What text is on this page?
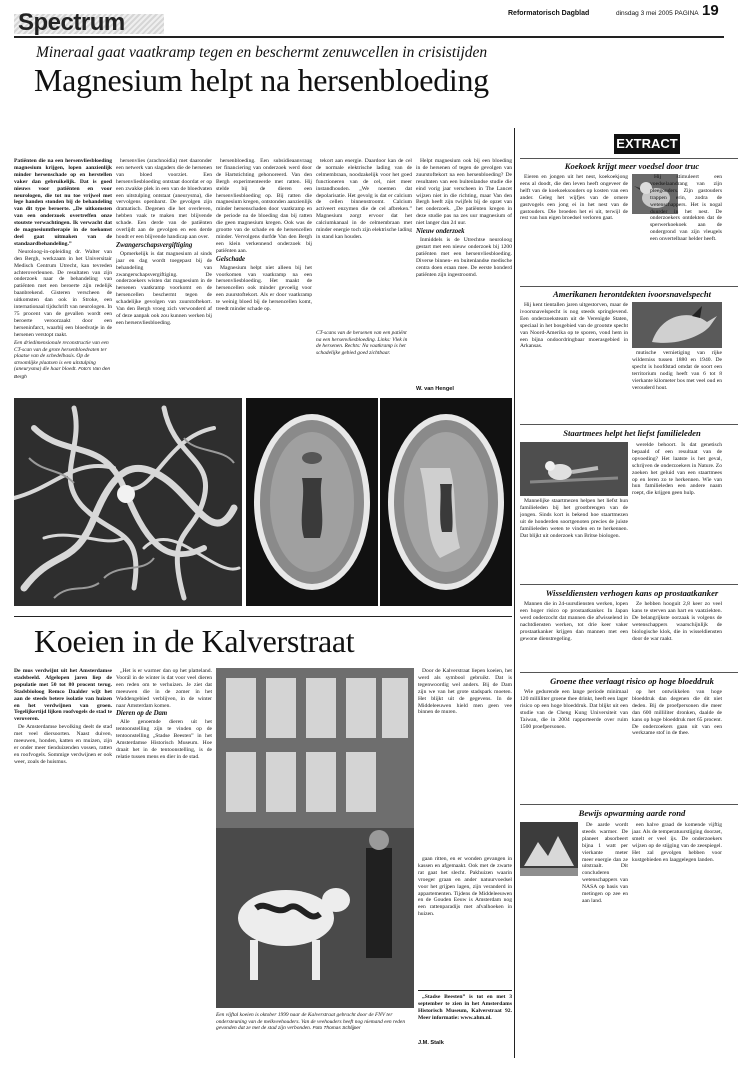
Spectrum	Reformatorisch Dagblad	dinsdag 3 mei 2005 PAGINA 19
Mineraal gaat vaatkramp tegen en beschermt zenuwcellen in crisistijden
Magnesium helpt na hersenbloeding

Patiënten die na een hersenvliesbloeding magnesium krijgen, lopen aanzienlijk minder hersenschade op en herstellen vaker dan gebruikelijk. Dat is goed nieuws voor patiënten en voor neurologen, die tot nu toe vrijwel met lege handen stonden bij de behandeling van dit type beroerte. „De uitkomsten van een onderzoek overtreffen onze stoutste verwachtingen. Ik verwacht dat de magnesiumtherapie in de toekomst deel gaat uitmaken van de standaardbehandeling.”

Neuroloog-in-opleiding dr. Walter van den Bergh, werkzaam in het Universitair Medisch Centrum Utrecht, kan tevreden achteroverleunen. De resultaten van zijn onderzoek naar de behandeling van patiënten met een beroerte zijn redelijk baanbrekend. Gisteren verscheen de uitkomsten dan ook in Stroke, een internationaal tijdschrift van neurologen. In 75 procent van de gevallen wordt een beroerte veroorzaakt door een herseninfarct, waarbij een bloedvatje in de hersenen verstopt raakt.

Een driedimensionale reconstructie van een CT-scan van de grote hersenbloedvaten ter plaatse van de schedelbasis. Op de stroomlijke plaatsen is een uitstulping (aneurysma) die haar bloedt. Foto's Van den Bergh

hersenvlies (arachnoidia) met daaronder een netwerk van slagaders die de hersenen van bloed voorziet. Een hersenvliesbloeding ontstaat doordat er op een zwakke plek in een van de bloedvaten een uitstulping ontstaat (aneurysma), die vervolgens openbarst. De gevolgen zijn dramatisch. Degenen die het overleven, hebben vaak te maken met blijvende schade. Een derde van de patiënten overlijdt aan de gevolgen en een derde houdt er een blijvende handicap aan over.

Zwangerschapsvergiftiging

Opmerkelijk is dat magnesium al sinds jaar en dag wordt toegepast bij de behandeling van zwangerschapsvergiftiging. De onderzoekers wisten dat magnesium in de hersenen vaatkramp voorkomt en de hersencellen beschermt tegen de schadelijke gevolgen van zuurstoftekort. Van den Bergh vroeg zich verwonderd af of deze aanpak ook zou kunnen werken bij een hersenvliesbloeding.

hersenbloeding. Een subsidieaanvraag ter financiering van onderzoek werd door de Hartstichting gehonoreerd. Van den Bergh experimenteerde met ratten. Hij stelde bij de dieren een hersenvliesbloeding op. Bij ratten die magnesium kregen, ontstonden aanzienlijk minder hersenschaden door vaatkramp en de periode na de bloeding dan bij ratten die geen magnesium kregen. Ook was de grootte van de schade en de hersencellen minder. Vervolgens durfde Van den Bergh een klein verkennend onderzoek bij patiënten aan.

Gelschade

Magnesium helpt niet alleen bij het voorkomen van vaatkramp na een hersenvliesbloeding. Het maakt de hersencellen ook minder gevoelig voor een zuurstoftekort. Als er door vaatkramp te weinig bloed bij de hersencellen komt, treedt minder schade op.

tekort aan energie. Daardoor kan de cel de normale elektrische lading van de celmembraan, noodzakelijk voor het goed functioneren van de cel, niet meer instandhouden. „We noemen dat depolarisatie. Het gevolg is dat er calcium de cellen binnenstroomt. Calcium activeert enzymen die de cel afbreken.” Magnesium zorgt ervoor dat het calciumkanaal in de celmembraan met minder energie toch zijn elektrische lading in stand kan houden.

CT-scans van de hersenen van een patiënt na een hersenvliesbloeding. Links: Vlek in de hersenen. Rechts: Na vaatkramp is het schadelijke gebied goed zichtbaar.

Helpt magnesium ook bij een bloeding in de hersenen of tegen de gevolgen van zuurstoftekort na een hersenbloeding? De resultaten van een buitenlandse studie die eind vorig jaar verscheen in The Lancet wijzen niet in die richting, maar Van den Bergh heeft zijn twijfels bij de opzet van het onderzoek. „De patiënten kregen in deze studie pas na zes uur magnesium of niet langer dan 24 uur.

Nieuw onderzoek

Inmiddels is de Utrechtse neuroloog gestart met een nieuw onderzoek bij 1200 patiënten met een hersenvliesbloeding. Diverse binnen- en buitenlandse medische centra doen eraan mee. De eerste honderd patiënten zijn ingestroomd.

W. van Hengel
EXTRACT
Koekoek krijgt meer voedsel door truc

Eieren en jongen uit het nest, koekoekjong eens al doodt, die den leven heeft ongeveer de helft van de koekoeksouders op kosten van een ander. Geleg het wijfjes van de ornere gastvogels een jong ei in het nest van de gastouders. Die broeden het ei uit, terwijl de rest van hun eigen broedsel verloren gaat.

Hij stimuleert een voedselaandrang van zijn pleegouders. Zijn gastouders trappen erin, zodra de wetenschappers. Het is nogal duurder in het nest. De onderzoekers ontdekten dat de sperwerkoekoek aan de ondergrond van zijn vleugels een onvertelbaar helder heeft.

Amerikanen herontdekten ivoorsnavelspecht

Hij kent tientallen jaren uitgestorven, maar de ivoorsnavelspecht is nog steeds springlevend. Een onderzoeksteam uit de Verenigde Staten, speciaal in het bosgebied van de grootste specht van Noord-Amerika op te sporen, vond hem in een bijna ondoordringbaar moerasgebied in Arkansas.

mutische vernietiging van rijke wilderniss tussen 1880 en 1940. De specht is hoofdstad omdat de soort een territorium nodig heeft van 6 tot 8 vierkante kilometer bos met veel oud en verouderd hout.

Staartmees helpt het liefst familieleden

Mannelijke staartmezen helpen het liefst hun familieleden bij het grootbrengen van de jongen. Sinds kort is bekend hoe staartmezen uit de honderden soortgenoten precies de juiste familieleden weten te vinden en te herkennen. Dat blijkt uit onderzoek van Britse biologen.

werelde behoort. Is dat genetisch bepaald of een resultaat van de opvoeding? Het laatste is het geval, schrijven de onderzoekers in Nature. Zo zoeken het geluid van een staartmees op en leren zo te herkennen. Wie van hun familieleden een andere naam roept, die krijgen geen hulp.

Wisseldiensten verhogen kans op prostaatkanker

Mannen die in 24-uursdiensten werken, lopen een hoger risico op prostaatkanker. In Japan werd onderzocht dat mannen die afwisselend in nachtdiensten werken, tot drie keer vaker prostaatkanker krijgen dan mannen met een gewone dienstregeling.

Ze hebben hooguit 2,8 keer zo veel kans te sterven aan hart en vaatziekten. De belangrijkste oorzaak is volgens de wetenschappers waarschijnlijk de biologische klok, die in wisseldiensten door de war raakt.

Groene thee verlaagt risico op hoge bloeddruk

Wie gedurende een lange periode minimaal 120 milliliter groene thee drinkt, heeft een lager risico op een hoge bloeddruk. Dat blijkt uit een studie van de Cheng Kung Universiteit van Taiwan, die in 2004 rapporteerde over ruim 1500 proefpersonen.

op het ontwikkelen van hoge bloeddruk dan degenen die dit niet deden. Bij de proefpersonen die meer dan 600 milliliter dronken, daalde de kans op hoge bloeddruk met 65 procent. De onderzoekers gaan uit van een werkzame stof in de thee.

Bewijs opwarming aarde rond

De aarde wordt steeds warmer. De planeet absorbeert bijna 1 watt per vierkante meter meer energie dan ze uitstraalt. Dit concluderen wetenschappers van NASA op basis van metingen op zee en aan land.

een halve graad de komende vijftig jaar. Als de temperatuurstijging doorzet, smelt er veel ijs. De onderzoekers wijzen op de stijging van de zeespiegel. Het zal gevolgen hebben voor kustgebieden en laaggelegen landen.

Koeien in de Kalverstraat

De mus verdwijnt uit het Amsterdamse stadsbeeld. Afgelopen jaren liep de populatie met 50 tot 80 procent terug. Stadsbioloog Remco Daalder wijt het aan de steeds betere isolatie van huizen en het verdwijnen van groen. Tegelijkertijd lijken roofvogels de stad te veroveren.

De Amsterdamse bevolking deelt de stad met veel diersoorten. Naast duiven, meeuwen, honden, katten en muizen, zijn er onder meer tienduizenden vossen, ratten en roofvogels. Sommige verdwijnen er ook weer, zoals de huismus.

„Het is er warmer dan op het platteland. Voorál in de winter is dat voor veel dieren een reden om te verhuizen. Je ziet dat meeuwen die in de zomer in het Waddengebied verblijven, in de winter naar Amsterdam komen.

Dieren op de Dam

Alle genoemde dieren uit het tentoonstelling zijn te vinden op de tentoonstelling „Stadse Beesten” in het Amsterdamse Historisch Museum. Hoe draait het in de tentoonstelling, is de relatie tussen mens en dier in de stad.

Een vijftal koeien is oktober 1999 naar de Kalverstraat gebracht door de FNV ter ondersteuning van de melkveehouders. Van de veehouders heeft nog niemand een reden gevonden dat ze met de stad zijn verbonden. Foto Thomas Schlijper

Door de Kalverstraat liepen koeien, het werd als symbool gebruikt. Dat is tegenwoordig wel anders. Bij de Dam zijn we van het grote stadspark moeten. Het blijkt uit de gegevens. In de Middeleeuwen hield men geen vee binnen de muren.

gaan ritten, en er wonden gevangen in kassen en afgemaakt. Ook met de zwarte rat gaat het slecht. Pakhuizen waarin vroeger graan en ander natuurvoedsel voor het grijpen lagen, zijn veranderd in appartementen. Tijdens de Middeleeuwen en de Gouden Eeuw is Amsterdam nog een rattenparadijs met afvalhoeken in huizen.

„Stadse Beesten” is tot en met 3 september te zien in het Amsterdams Historisch Museum, Kalverstraat 92. Meer informatie: www.ahm.nl.

J.M. Stalk
